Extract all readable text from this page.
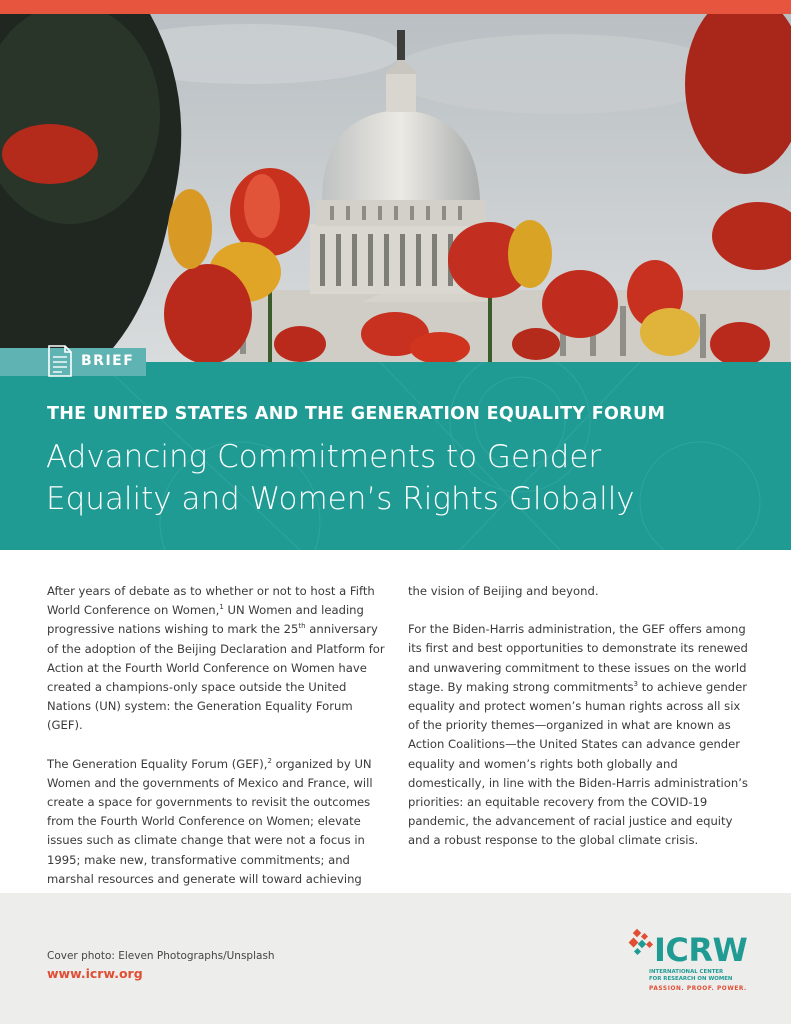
BRIEF
THE UNITED STATES AND THE GENERATION EQUALITY FORUM
Advancing Commitments to Gender
Equality and Women’s Rights Globally

After years of debate as to whether or not to host a Fifth World Conference on Women,$^1$ UN Women and leading progressive nations wishing to mark the 25th anniversary of the adoption of the Beijing Declaration and Platform for Action at the Fourth World Conference on Women have created a champions-only space outside the United Nations (UN) system: the Generation Equality Forum (GEF).

The Generation Equality Forum (GEF),$^2$ organized by UN Women and the governments of Mexico and France, will create a space for governments to revisit the outcomes from the Fourth World Conference on Women; elevate issues such as climate change that were not a focus in 1995; make new, transformative commitments; and marshal resources and generate will toward achieving

the vision of Beijing and beyond.

For the Biden-Harris administration, the GEF offers among its first and best opportunities to demonstrate its renewed and unwavering commitment to these issues on the world stage. By making strong commitments$^3$ to achieve gender equality and protect women’s human rights across all six of the priority themes—organized in what are known as Action Coalitions—the United States can advance gender equality and women’s rights both globally and domestically, in line with the Biden-Harris administration’s priorities: an equitable recovery from the COVID-19 pandemic, the advancement of racial justice and equity and a robust response to the global climate crisis.

Cover photo: Eleven Photographs/Unsplash
www.icrw.org
ICRW
INTERNATIONAL CENTER
FOR RESEARCH ON WOMEN
PASSION. PROOF. POWER.
